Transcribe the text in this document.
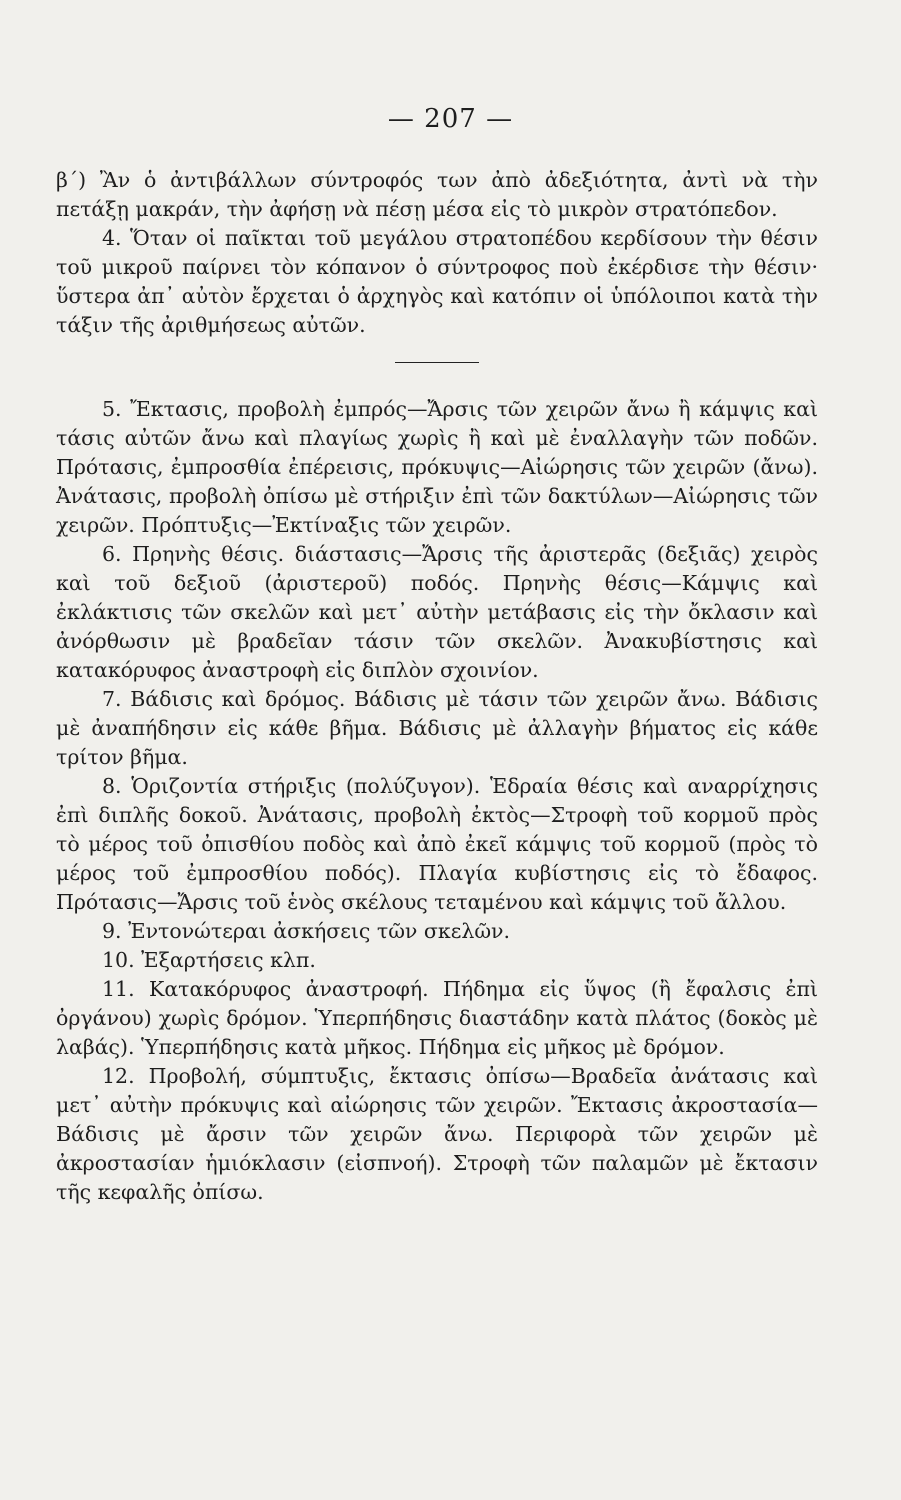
— 207 —

β΄) Ἂν ὁ ἀντιβάλλων σύντροφός των ἀπὸ ἀδεξιότητα, ἀντὶ νὰ τὴν πετάξῃ μακράν, τὴν ἀφήσῃ νὰ πέσῃ μέσα εἰς τὸ μικρὸν στρατόπεδον.

4. Ὅταν οἱ παῖκται τοῦ μεγάλου στρατοπέδου κερδίσουν τὴν θέσιν τοῦ μικροῦ παίρνει τὸν κόπανον ὁ σύντροφος ποὺ ἐκέρδισε τὴν θέσιν· ὕστερα ἀπ᾽ αὐτὸν ἔρχεται ὁ ἀρχηγὸς καὶ κατόπιν οἱ ὑπόλοιποι κατὰ τὴν τάξιν τῆς ἀριθμήσεως αὐτῶν.

5. Ἔκτασις, προβολὴ ἐμπρός—Ἄρσις τῶν χειρῶν ἄνω ἢ κάμψις καὶ τάσις αὐτῶν ἄνω καὶ πλαγίως χωρὶς ἢ καὶ μὲ ἐναλλαγὴν τῶν ποδῶν. Πρότασις, ἐμπροσθία ἐπέρεισις, πρόκυψις—Αἰώρησις τῶν χειρῶν (ἄνω). Ἀνάτασις, προβολὴ ὀπίσω μὲ στήριξιν ἐπὶ τῶν δακτύλων—Αἰώρησις τῶν χειρῶν. Πρόπτυξις—Ἐκτίναξις τῶν χειρῶν.

6. Πρηνὴς θέσις. διάστασις—Ἄρσις τῆς ἀριστερᾶς (δεξιᾶς) χειρὸς καὶ τοῦ δεξιοῦ (ἀριστεροῦ) ποδός. Πρηνὴς θέσις—Κάμψις καὶ ἐκλάκτισις τῶν σκελῶν καὶ μετ᾽ αὐτὴν μετάβασις εἰς τὴν ὄκλασιν καὶ ἀνόρθωσιν μὲ βραδεῖαν τάσιν τῶν σκελῶν. Ἀνακυβίστησις καὶ κατακόρυφος ἀναστροφὴ εἰς διπλὸν σχοινίον.

7. Βάδισις καὶ δρόμος. Βάδισις μὲ τάσιν τῶν χειρῶν ἄνω. Βάδισις μὲ ἀναπήδησιν εἰς κάθε βῆμα. Βάδισις μὲ ἀλλαγὴν βήματος εἰς κάθε τρίτον βῆμα.

8. Ὁριζοντία στήριξις (πολύζυγον). Ἑδραία θέσις καὶ αναρρίχησις ἐπὶ διπλῆς δοκοῦ. Ἀνάτασις, προβολὴ ἐκτὸς—Στροφὴ τοῦ κορμοῦ πρὸς τὸ μέρος τοῦ ὀπισθίου ποδὸς καὶ ἀπὸ ἐκεῖ κάμψις τοῦ κορμοῦ (πρὸς τὸ μέρος τοῦ ἐμπροσθίου ποδός). Πλαγία κυβίστησις εἰς τὸ ἔδαφος. Πρότασις—Ἄρσις τοῦ ἑνὸς σκέλους τεταμένου καὶ κάμψις τοῦ ἄλλου.

9. Ἐντονώτεραι ἀσκήσεις τῶν σκελῶν.

10. Ἐξαρτήσεις κλπ.

11. Κατακόρυφος ἀναστροφή. Πήδημα εἰς ὕψος (ἢ ἔφαλσις ἐπὶ ὀργάνου) χωρὶς δρόμον. Ὑπερπήδησις διαστάδην κατὰ πλάτος (δοκὸς μὲ λαβάς). Ὑπερπήδησις κατὰ μῆκος. Πήδημα εἰς μῆκος μὲ δρόμον.

12. Προβολή, σύμπτυξις, ἔκτασις ὀπίσω—Βραδεῖα ἀνάτασις καὶ μετ᾽ αὐτὴν πρόκυψις καὶ αἰώρησις τῶν χειρῶν. Ἔκτασις ἀκροστασία—Βάδισις μὲ ἄρσιν τῶν χειρῶν ἄνω. Περιφορὰ τῶν χειρῶν μὲ ἀκροστασίαν ἡμιόκλασιν (εἰσπνοή). Στροφὴ τῶν παλαμῶν μὲ ἔκτασιν τῆς κεφαλῆς ὀπίσω.
